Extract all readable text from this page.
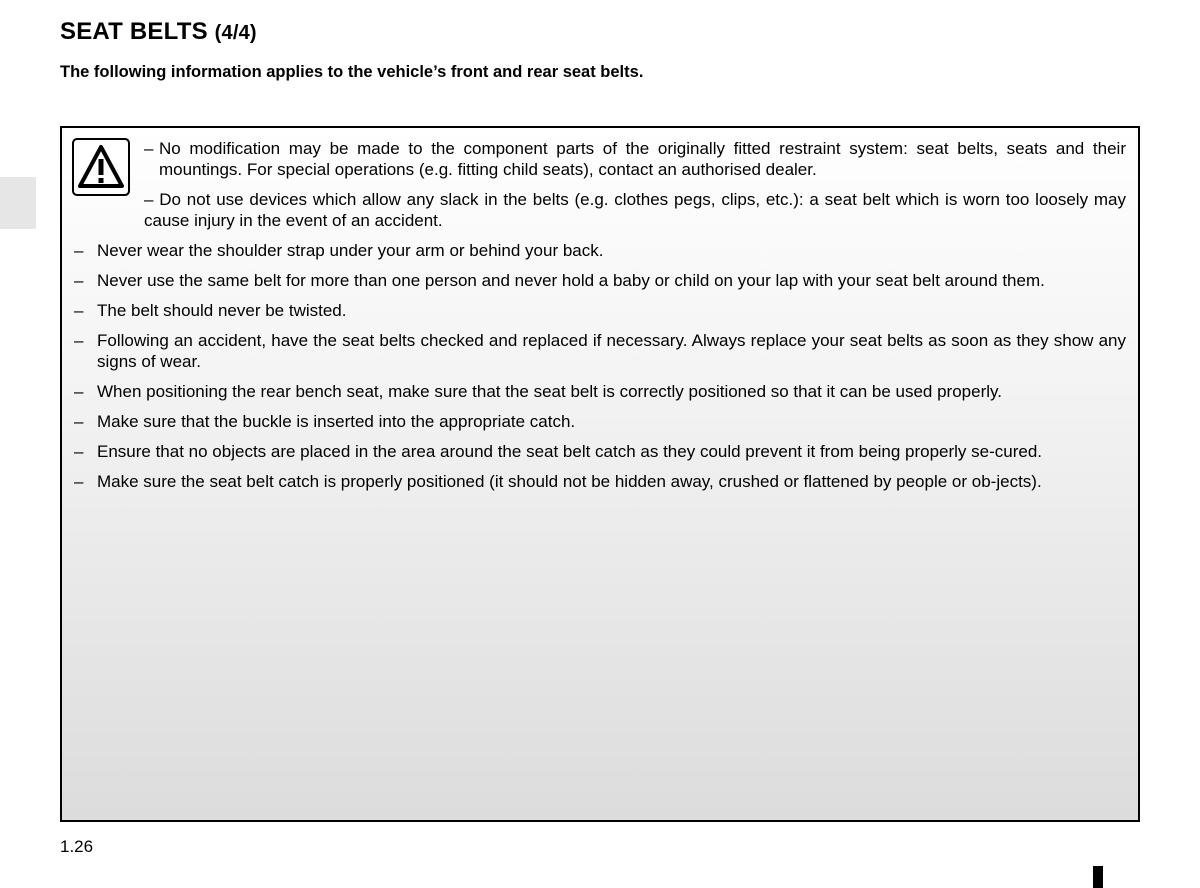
SEAT BELTS (4/4)

The following information applies to the vehicle’s front and rear seat belts.

– No modification may be made to the component parts of the originally fitted restraint system: seat belts, seats and their mountings. For special operations (e.g. fitting child seats), contact an authorised dealer.
– Do not use devices which allow any slack in the belts (e.g. clothes pegs, clips, etc.): a seat belt which is worn too loosely may cause injury in the event of an accident.
– Never wear the shoulder strap under your arm or behind your back.
– Never use the same belt for more than one person and never hold a baby or child on your lap with your seat belt around them.
– The belt should never be twisted.
– Following an accident, have the seat belts checked and replaced if necessary. Always replace your seat belts as soon as they show any signs of wear.
– When positioning the rear bench seat, make sure that the seat belt is correctly positioned so that it can be used properly.
– Make sure that the buckle is inserted into the appropriate catch.
– Ensure that no objects are placed in the area around the seat belt catch as they could prevent it from being properly se-cured.
– Make sure the seat belt catch is properly positioned (it should not be hidden away, crushed or flattened by people or ob-jects).
1.26
